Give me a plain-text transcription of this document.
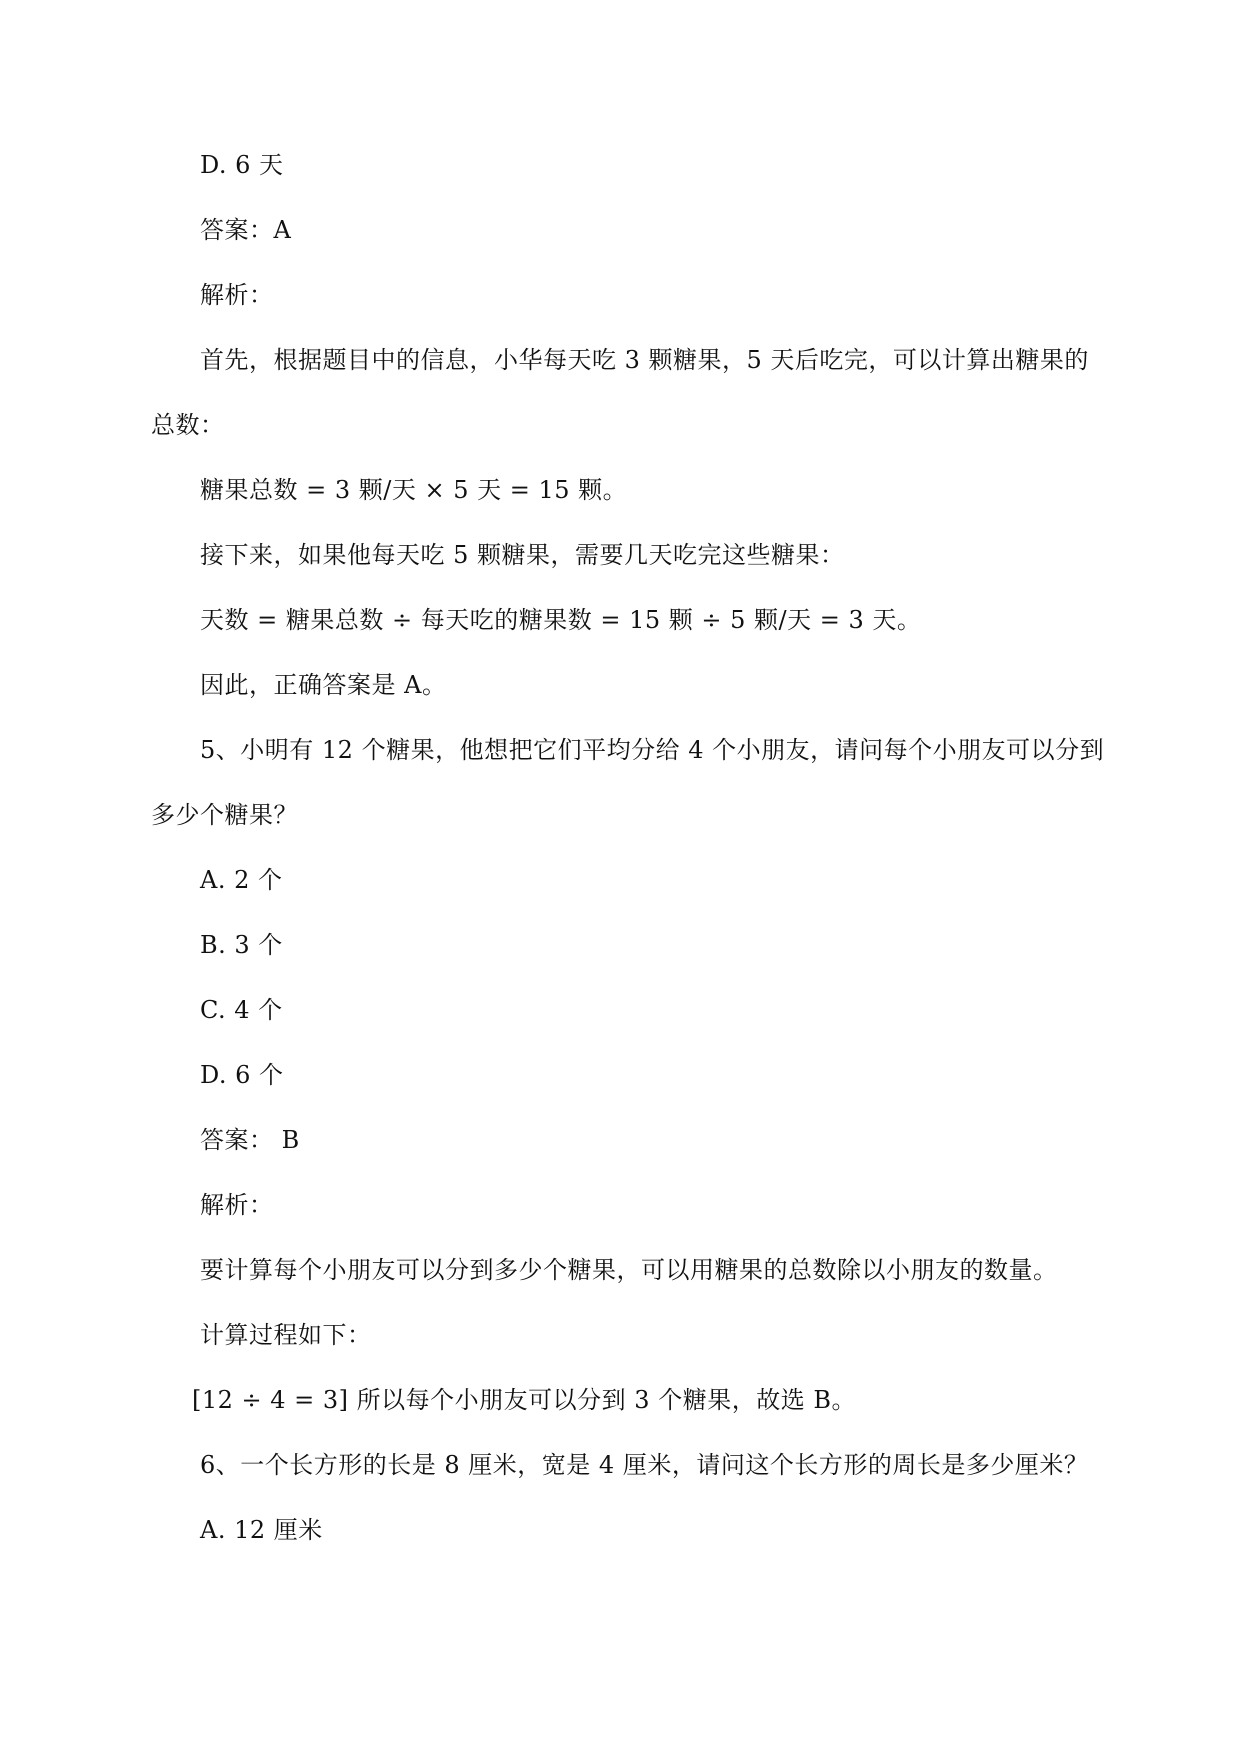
D. 6 天
答案：A
解析：
首先，根据题目中的信息，小华每天吃 3 颗糖果，5 天后吃完，可以计算出糖果的
总数：
糖果总数 = 3 颗/天 × 5 天 = 15 颗。
接下来，如果他每天吃 5 颗糖果，需要几天吃完这些糖果：
天数 = 糖果总数 ÷ 每天吃的糖果数 = 15 颗 ÷ 5 颗/天 = 3 天。
因此，正确答案是 A。
5、小明有 12 个糖果，他想把它们平均分给 4 个小朋友，请问每个小朋友可以分到
多少个糖果？
A. 2 个
B. 3 个
C. 4 个
D. 6 个
答案： B
解析：
要计算每个小朋友可以分到多少个糖果，可以用糖果的总数除以小朋友的数量。
计算过程如下：
[12 ÷ 4 = 3] 所以每个小朋友可以分到 3 个糖果，故选 B。
6、一个长方形的长是 8 厘米，宽是 4 厘米，请问这个长方形的周长是多少厘米？
A. 12 厘米
